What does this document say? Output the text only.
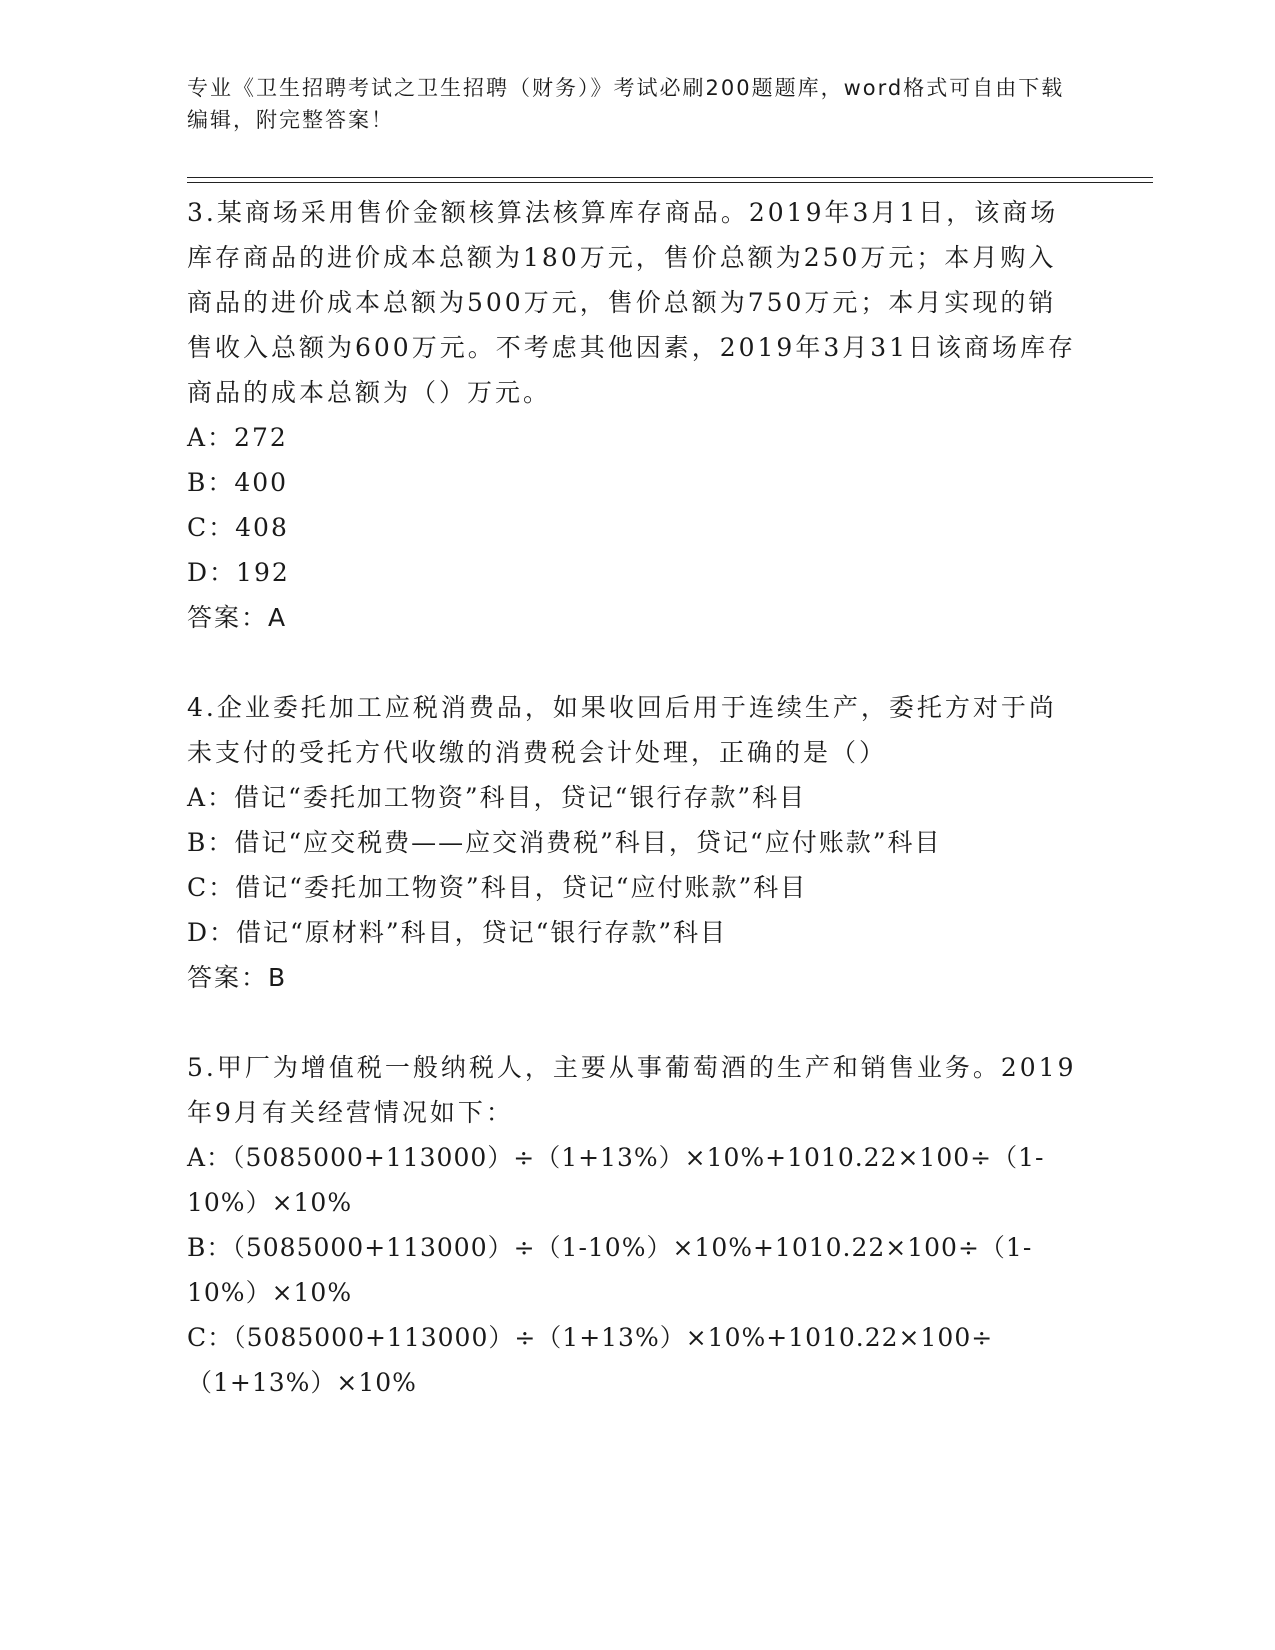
专业《卫生招聘考试之卫生招聘（财务）》考试必刷200题题库，word格式可自由下载编辑，附完整答案！
3.某商场采用售价金额核算法核算库存商品。2019年3月1日，该商场库存商品的进价成本总额为180万元，售价总额为250万元；本月购入商品的进价成本总额为500万元，售价总额为750万元；本月实现的销售收入总额为600万元。不考虑其他因素，2019年3月31日该商场库存商品的成本总额为（）万元。
A：272
B：400
C：408
D：192
答案：A
4.企业委托加工应税消费品，如果收回后用于连续生产，委托方对于尚未支付的受托方代收缴的消费税会计处理，正确的是（）
A：借记“委托加工物资”科目，贷记“银行存款”科目
B：借记“应交税费——应交消费税”科目，贷记“应付账款”科目
C：借记“委托加工物资”科目，贷记“应付账款”科目
D：借记“原材料”科目，贷记“银行存款”科目
答案：B
5.甲厂为增值税一般纳税人，主要从事葡萄酒的生产和销售业务。2019年9月有关经营情况如下：
A：（5085000+113000）÷（1+13%）×10%+1010.22×100÷（1-10%）×10%
B：（5085000+113000）÷（1-10%）×10%+1010.22×100÷（1-10%）×10%
C：（5085000+113000）÷（1+13%）×10%+1010.22×100÷（1+13%）×10%
